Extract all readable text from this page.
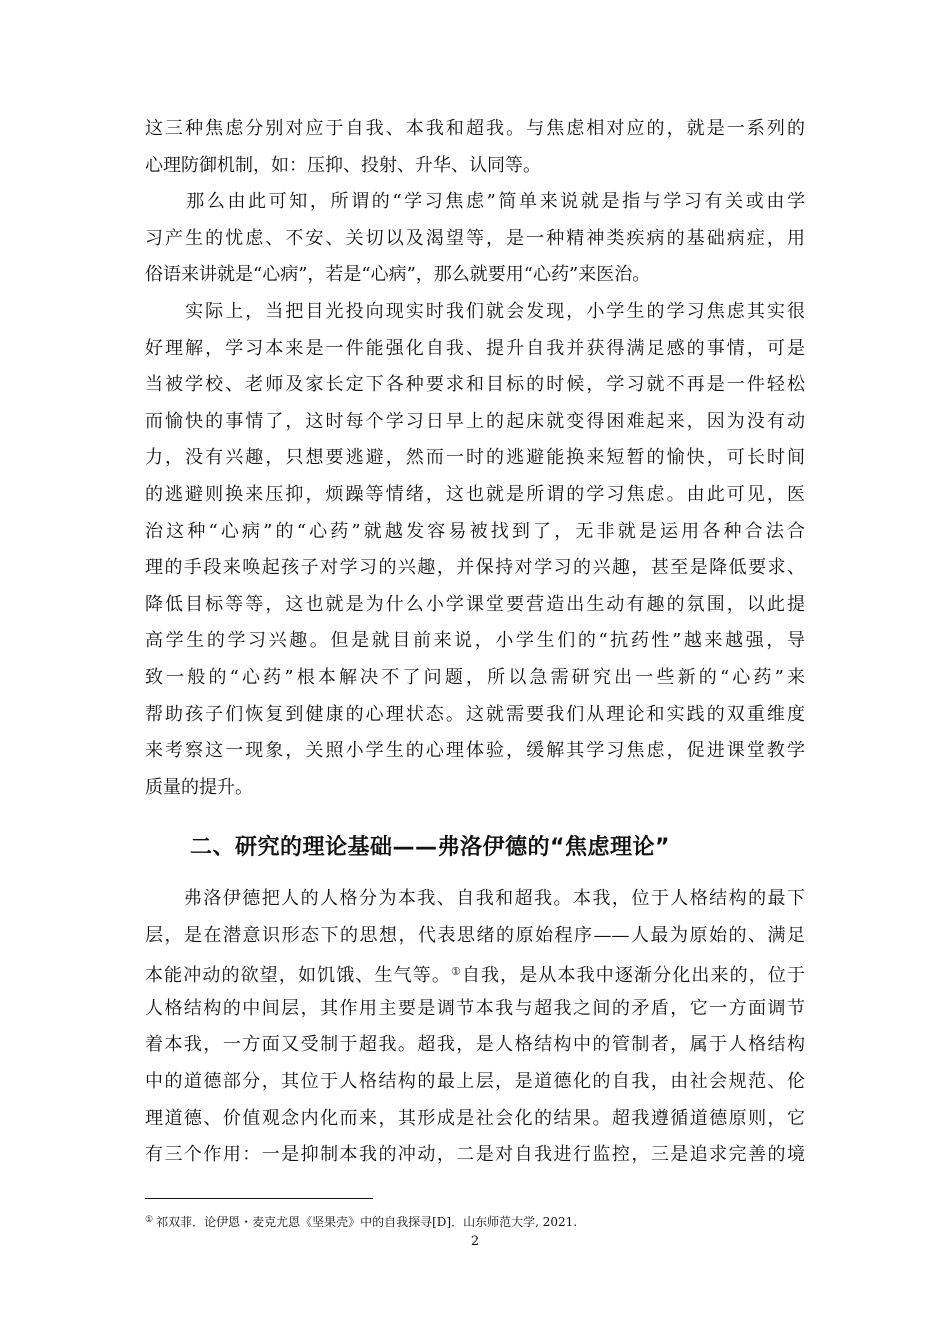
这三种焦虑分别对应于自我、本我和超我。与焦虑相对应的，就是一系列的
心理防御机制，如：压抑、投射、升华、认同等。
　　那么由此可知，所谓的“学习焦虑”简单来说就是指与学习有关或由学
习产生的忧虑、不安、关切以及渴望等，是一种精神类疾病的基础病症，用
俗语来讲就是“心病”，若是“心病”，那么就要用“心药”来医治。
　　实际上，当把目光投向现实时我们就会发现，小学生的学习焦虑其实很
好理解，学习本来是一件能强化自我、提升自我并获得满足感的事情，可是
当被学校、老师及家长定下各种要求和目标的时候，学习就不再是一件轻松
而愉快的事情了，这时每个学习日早上的起床就变得困难起来，因为没有动
力，没有兴趣，只想要逃避，然而一时的逃避能换来短暂的愉快，可长时间
的逃避则换来压抑，烦躁等情绪，这也就是所谓的学习焦虑。由此可见，医
治这种“心病”的“心药”就越发容易被找到了，无非就是运用各种合法合
理的手段来唤起孩子对学习的兴趣，并保持对学习的兴趣，甚至是降低要求、
降低目标等等，这也就是为什么小学课堂要营造出生动有趣的氛围，以此提
高学生的学习兴趣。但是就目前来说，小学生们的“抗药性”越来越强，导
致一般的“心药”根本解决不了问题，所以急需研究出一些新的“心药”来
帮助孩子们恢复到健康的心理状态。这就需要我们从理论和实践的双重维度
来考察这一现象，关照小学生的心理体验，缓解其学习焦虑，促进课堂教学
质量的提升。
二、研究的理论基础——弗洛伊德的“焦虑理论”
　　弗洛伊德把人的人格分为本我、自我和超我。本我，位于人格结构的最下
层，是在潜意识形态下的思想，代表思绪的原始程序——人最为原始的、满足
本能冲动的欲望，如饥饿、生气等。①自我，是从本我中逐渐分化出来的，位于
人格结构的中间层，其作用主要是调节本我与超我之间的矛盾，它一方面调节
着本我，一方面又受制于超我。超我，是人格结构中的管制者，属于人格结构
中的道德部分，其位于人格结构的最上层，是道德化的自我，由社会规范、伦
理道德、价值观念内化而来，其形成是社会化的结果。超我遵循道德原则，它
有三个作用：一是抑制本我的冲动，二是对自我进行监控，三是追求完善的境
① 祁双菲．论伊恩・麦克尤恩《坚果壳》中的自我探寻[D]．山东师范大学, 2021.
2
